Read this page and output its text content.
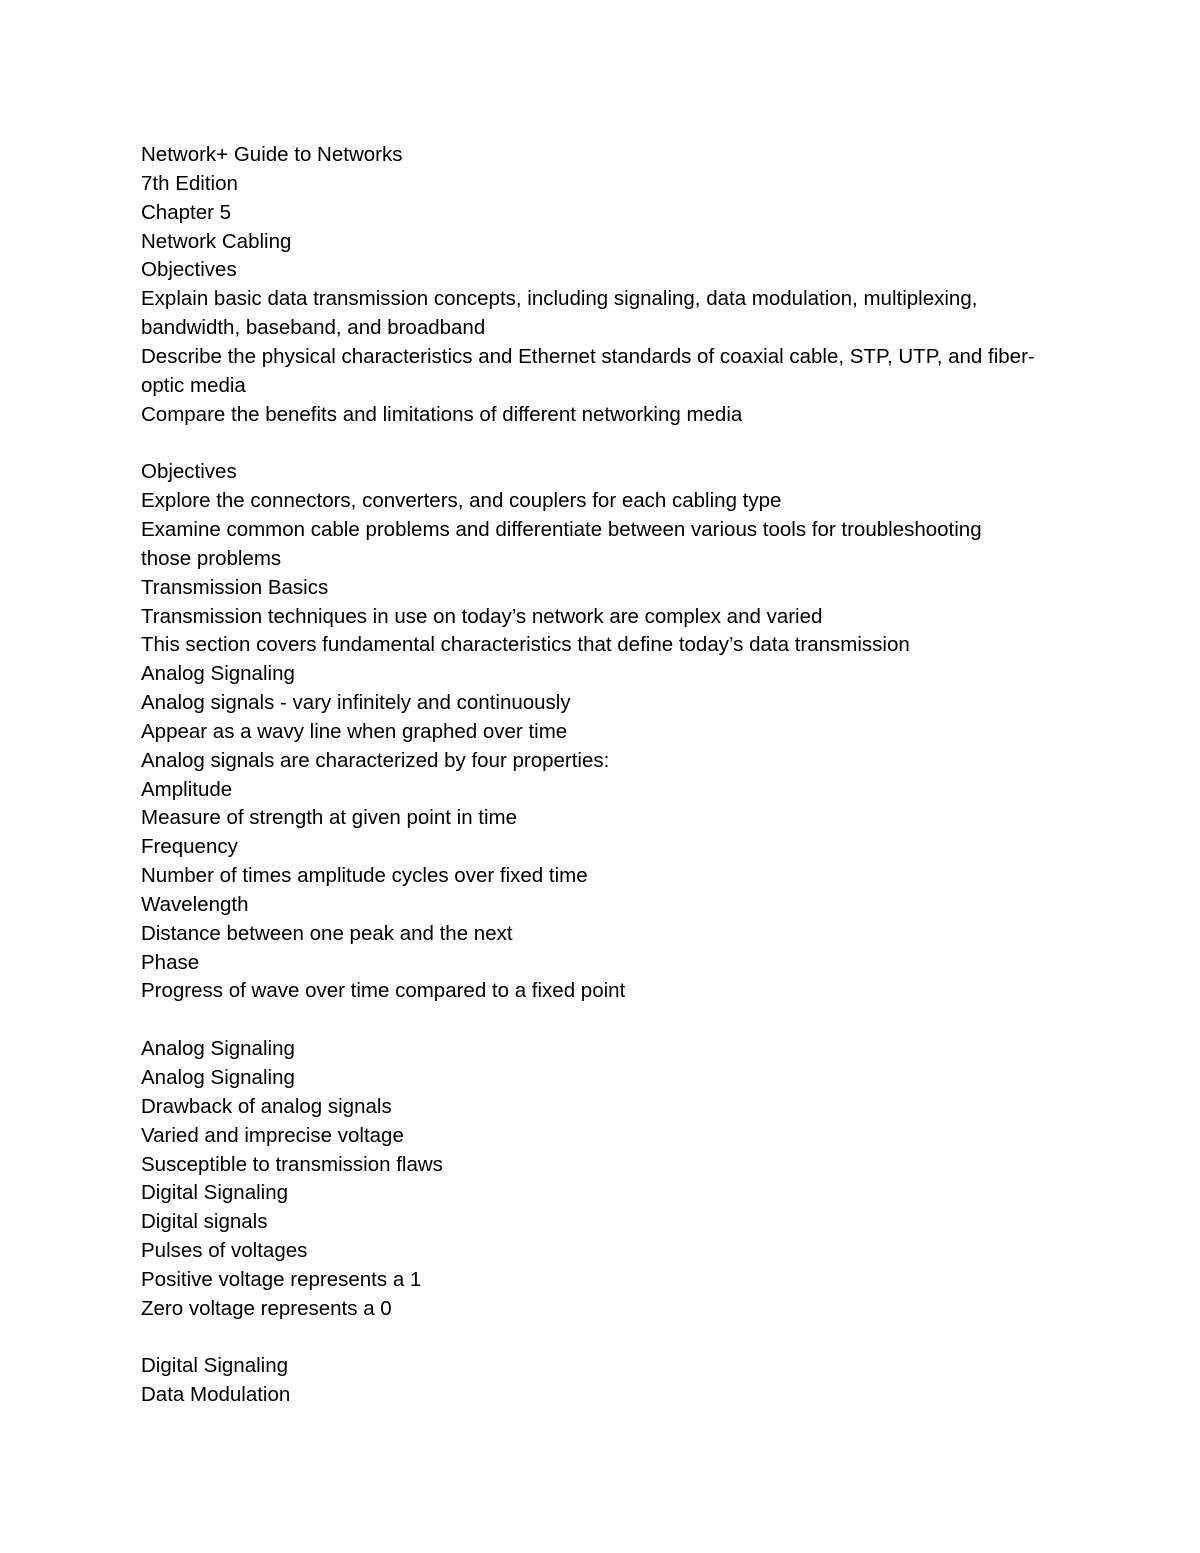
Network+ Guide to Networks
7th Edition
Chapter 5
Network Cabling
Objectives
Explain basic data transmission concepts, including signaling, data modulation, multiplexing,
bandwidth, baseband, and broadband
Describe the physical characteristics and Ethernet standards of coaxial cable, STP, UTP, and fiber-
optic media
Compare the benefits and limitations of different networking media
Objectives
Explore the connectors, converters, and couplers for each cabling type
Examine common cable problems and differentiate between various tools for troubleshooting
those problems
Transmission Basics
Transmission techniques in use on today’s network are complex and varied
This section covers fundamental characteristics that define today’s data transmission
Analog Signaling
Analog signals - vary infinitely and continuously
Appear as a wavy line when graphed over time
Analog signals are characterized by four properties:
Amplitude
Measure of strength at given point in time
Frequency
Number of times amplitude cycles over fixed time
Wavelength
Distance between one peak and the next
Phase
Progress of wave over time compared to a fixed point
Analog Signaling
Analog Signaling
Drawback of analog signals
Varied and imprecise voltage
Susceptible to transmission flaws
Digital Signaling
Digital signals
Pulses of voltages
Positive voltage represents a 1
Zero voltage represents a 0
Digital Signaling
Data Modulation
